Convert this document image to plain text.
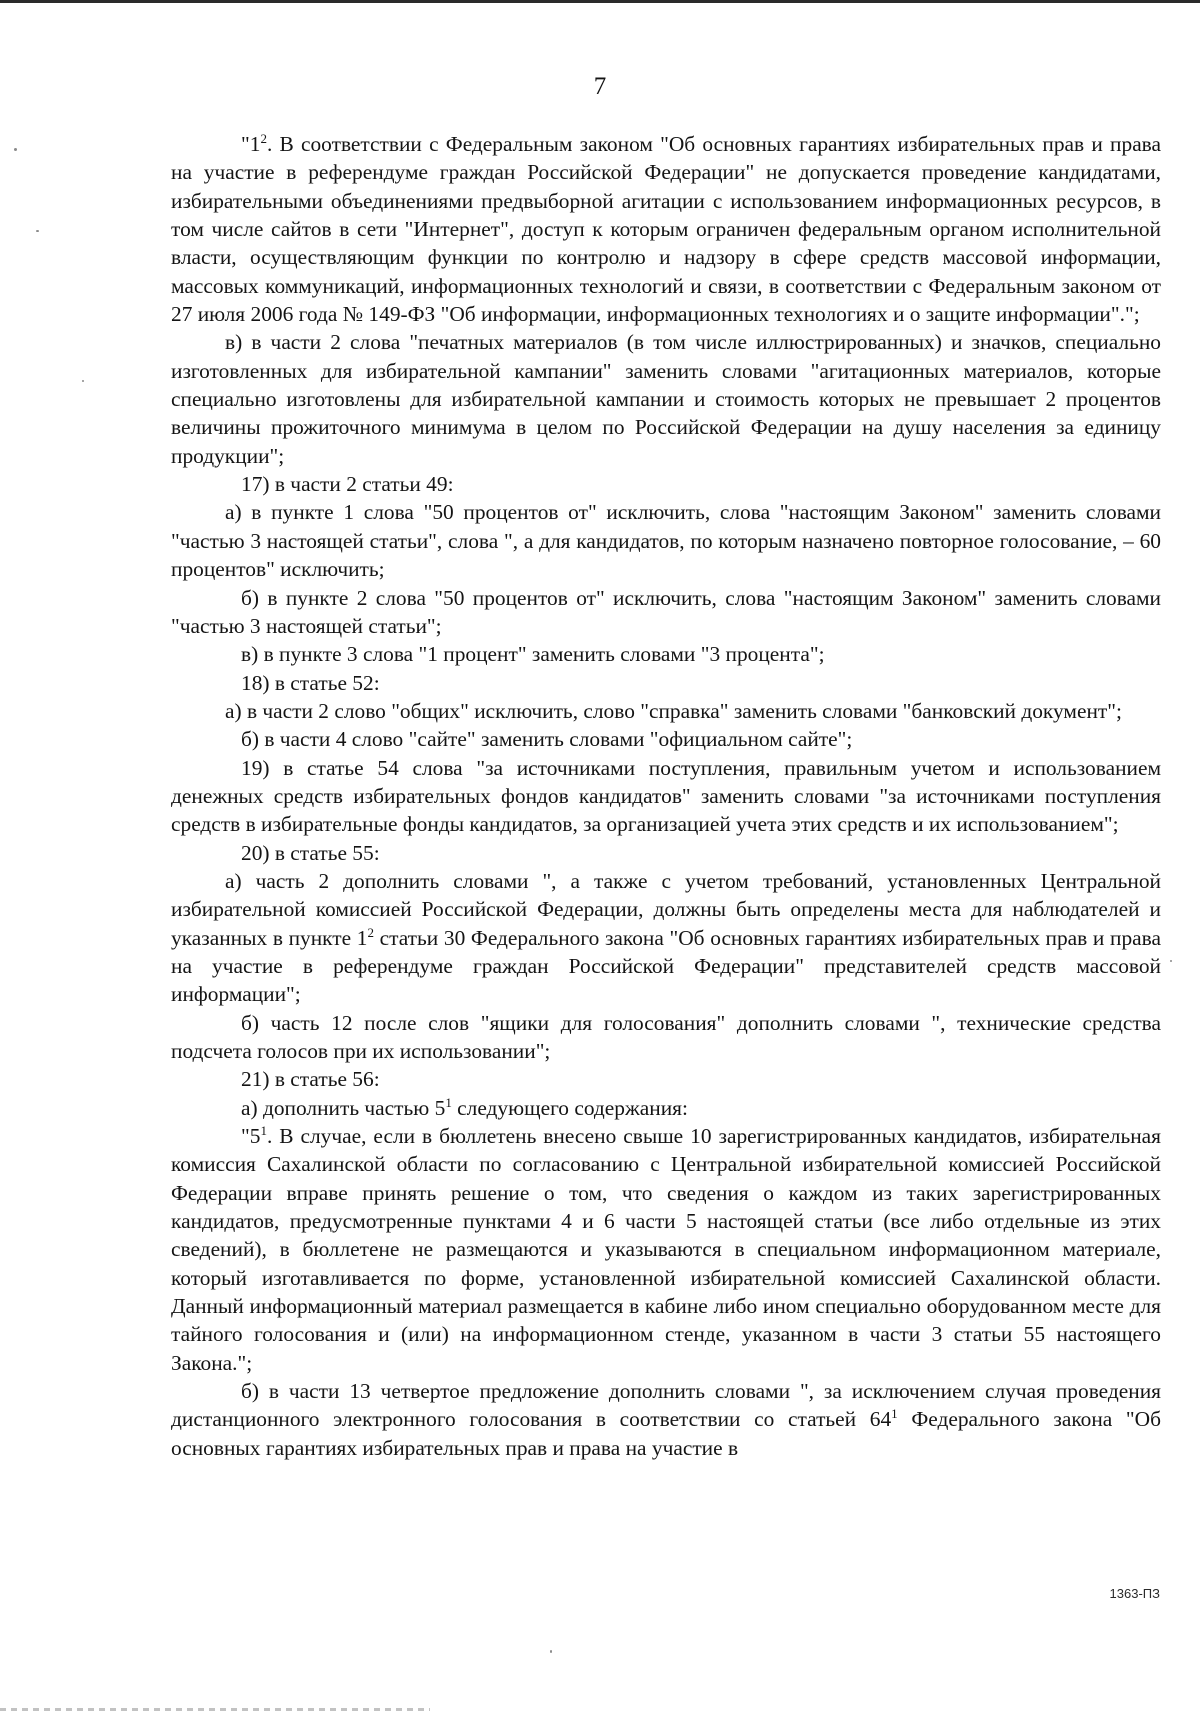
7

"$1^2$. В соответствии с Федеральным законом "Об основных гарантиях избирательных прав и права на участие в референдуме граждан Российской Федерации" не допускается проведение кандидатами, избирательными объединениями предвыборной агитации с использованием информационных ресурсов, в том числе сайтов в сети "Интернет", доступ к которым ограничен федеральным органом исполнительной власти, осуществляющим функции по контролю и надзору в сфере средств массовой информации, массовых коммуникаций, информационных технологий и связи, в соответствии с Федеральным законом от 27 июля 2006 года № 149-ФЗ "Об информации, информационных технологиях и о защите информации".";

в) в части 2 слова "печатных материалов (в том числе иллюстрированных) и значков, специально изготовленных для избирательной кампании" заменить словами "агитационных материалов, которые специально изготовлены для избирательной кампании и стоимость которых не превышает 2 процентов величины прожиточного минимума в целом по Российской Федерации на душу населения за единицу продукции";

17) в части 2 статьи 49:

а) в пункте 1 слова "50 процентов от" исключить, слова "настоящим Законом" заменить словами "частью 3 настоящей статьи", слова ", а для кандидатов, по которым назначено повторное голосование, – 60 процентов" исключить;

б) в пункте 2 слова "50 процентов от" исключить, слова "настоящим Законом" заменить словами "частью 3 настоящей статьи";

в) в пункте 3 слова "1 процент" заменить словами "3 процента";

18) в статье 52:

а) в части 2 слово "общих" исключить, слово "справка" заменить словами "банковский документ";

б) в части 4 слово "сайте" заменить словами "официальном сайте";

19) в статье 54 слова "за источниками поступления, правильным учетом и использованием денежных средств избирательных фондов кандидатов" заменить словами "за источниками поступления средств в избирательные фонды кандидатов, за организацией учета этих средств и их использованием";

20) в статье 55:

а) часть 2 дополнить словами ", а также с учетом требований, установленных Центральной избирательной комиссией Российской Федерации, должны быть определены места для наблюдателей и указанных в пункте $1^2$ статьи 30 Федерального закона "Об основных гарантиях избирательных прав и права на участие в референдуме граждан Российской Федерации" представителей средств массовой информации";

б) часть 12 после слов "ящики для голосования" дополнить словами ", технические средства подсчета голосов при их использовании";

21) в статье 56:

а) дополнить частью $5^1$ следующего содержания:

"$5^1$. В случае, если в бюллетень внесено свыше 10 зарегистрированных кандидатов, избирательная комиссия Сахалинской области по согласованию с Центральной избирательной комиссией Российской Федерации вправе принять решение о том, что сведения о каждом из таких зарегистрированных кандидатов, предусмотренные пунктами 4 и 6 части 5 настоящей статьи (все либо отдельные из этих сведений), в бюллетене не размещаются и указываются в специальном информационном материале, который изготавливается по форме, установленной избирательной комиссией Сахалинской области. Данный информационный материал размещается в кабине либо ином специально оборудованном месте для тайного голосования и (или) на информационном стенде, указанном в части 3 статьи 55 настоящего Закона.";

б) в части 13 четвертое предложение дополнить словами ", за исключением случая проведения дистанционного электронного голосования в соответствии со статьей $64^1$ Федерального закона "Об основных гарантиях избирательных прав и права на участие в

1363-ПЗ
